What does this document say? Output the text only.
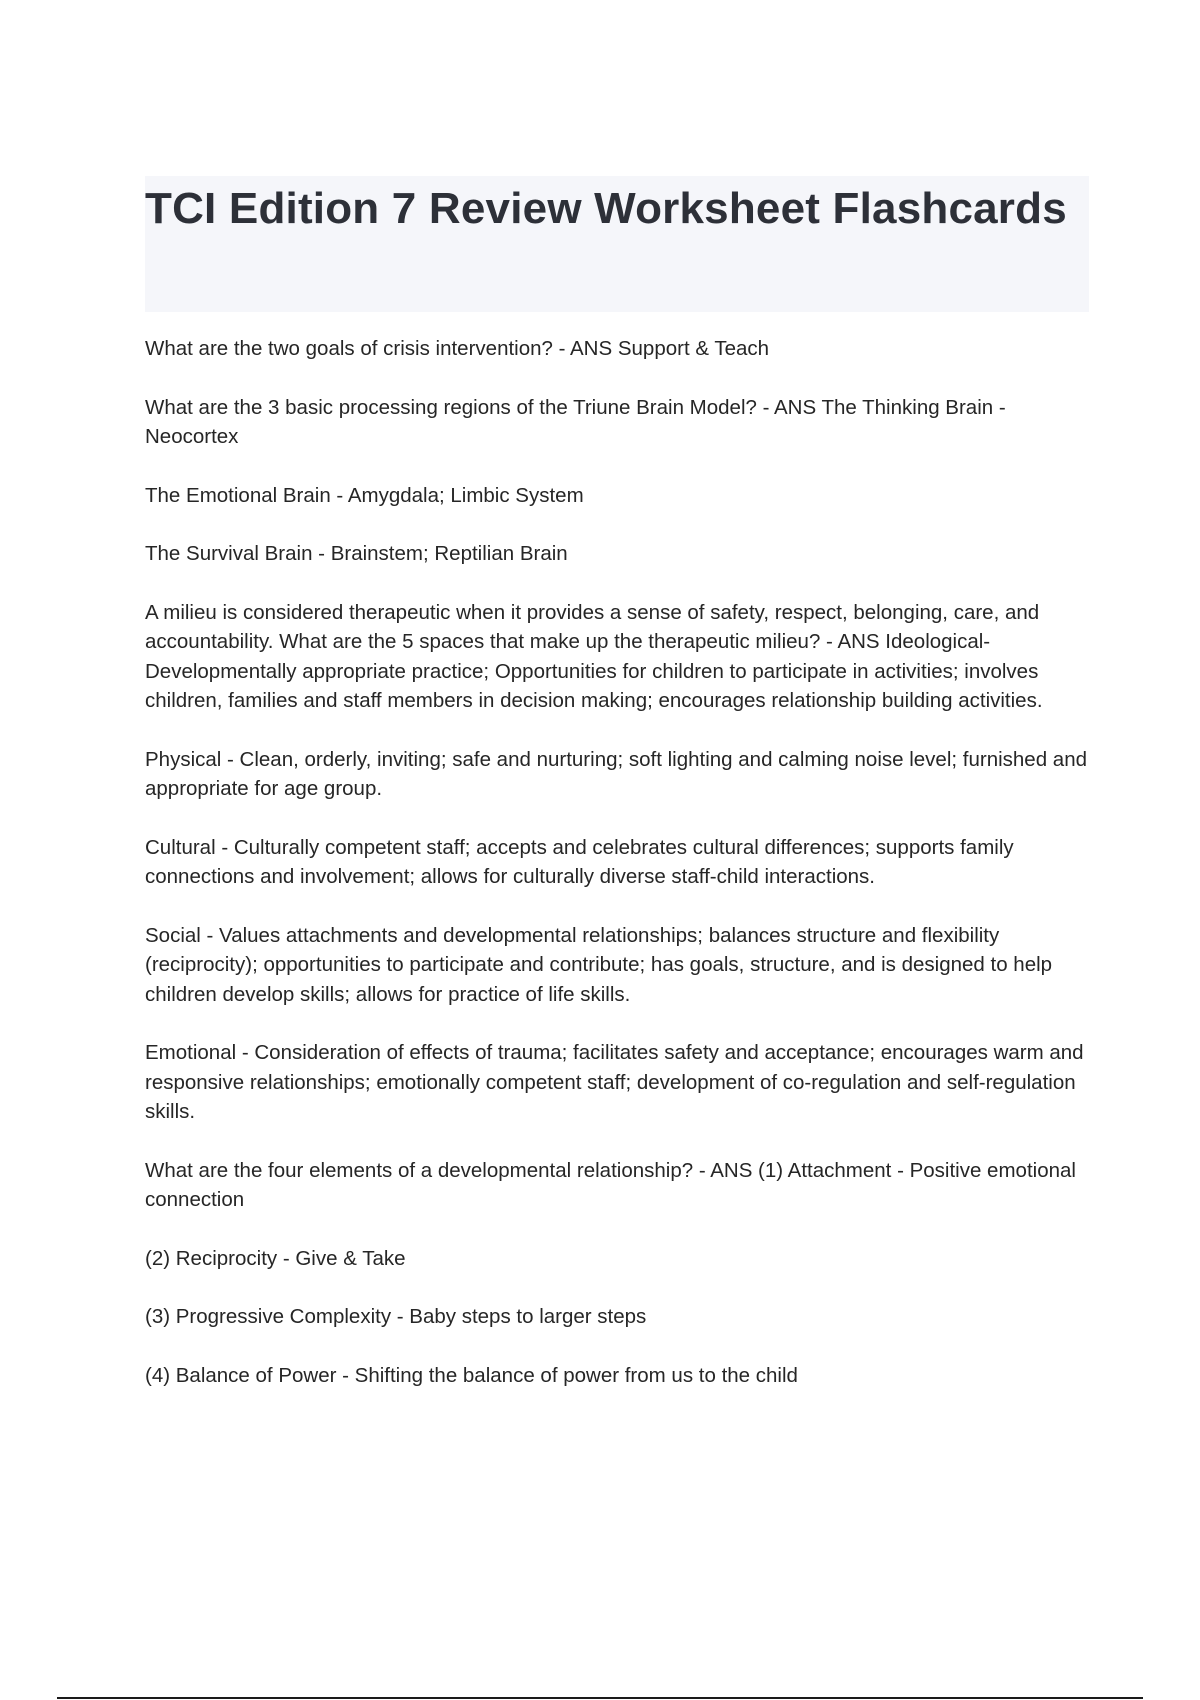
TCI Edition 7 Review Worksheet Flashcards

What are the two goals of crisis intervention? - ANS Support & Teach

What are the 3 basic processing regions of the Triune Brain Model? - ANS The Thinking Brain - Neocortex

The Emotional Brain - Amygdala; Limbic System

The Survival Brain - Brainstem; Reptilian Brain

A milieu is considered therapeutic when it provides a sense of safety, respect, belonging, care, and accountability. What are the 5 spaces that make up the therapeutic milieu? - ANS Ideological- Developmentally appropriate practice; Opportunities for children to participate in activities; involves children, families and staff members in decision making; encourages relationship building activities.

Physical - Clean, orderly, inviting; safe and nurturing; soft lighting and calming noise level; furnished and appropriate for age group.

Cultural - Culturally competent staff; accepts and celebrates cultural differences; supports family connections and involvement; allows for culturally diverse staff-child interactions.

Social - Values attachments and developmental relationships; balances structure and flexibility (reciprocity); opportunities to participate and contribute; has goals, structure, and is designed to help children develop skills; allows for practice of life skills.

Emotional - Consideration of effects of trauma; facilitates safety and acceptance; encourages warm and responsive relationships; emotionally competent staff; development of co-regulation and self-regulation skills.

What are the four elements of a developmental relationship? - ANS (1) Attachment - Positive emotional connection

(2) Reciprocity - Give & Take

(3) Progressive Complexity - Baby steps to larger steps

(4) Balance of Power - Shifting the balance of power from us to the child
